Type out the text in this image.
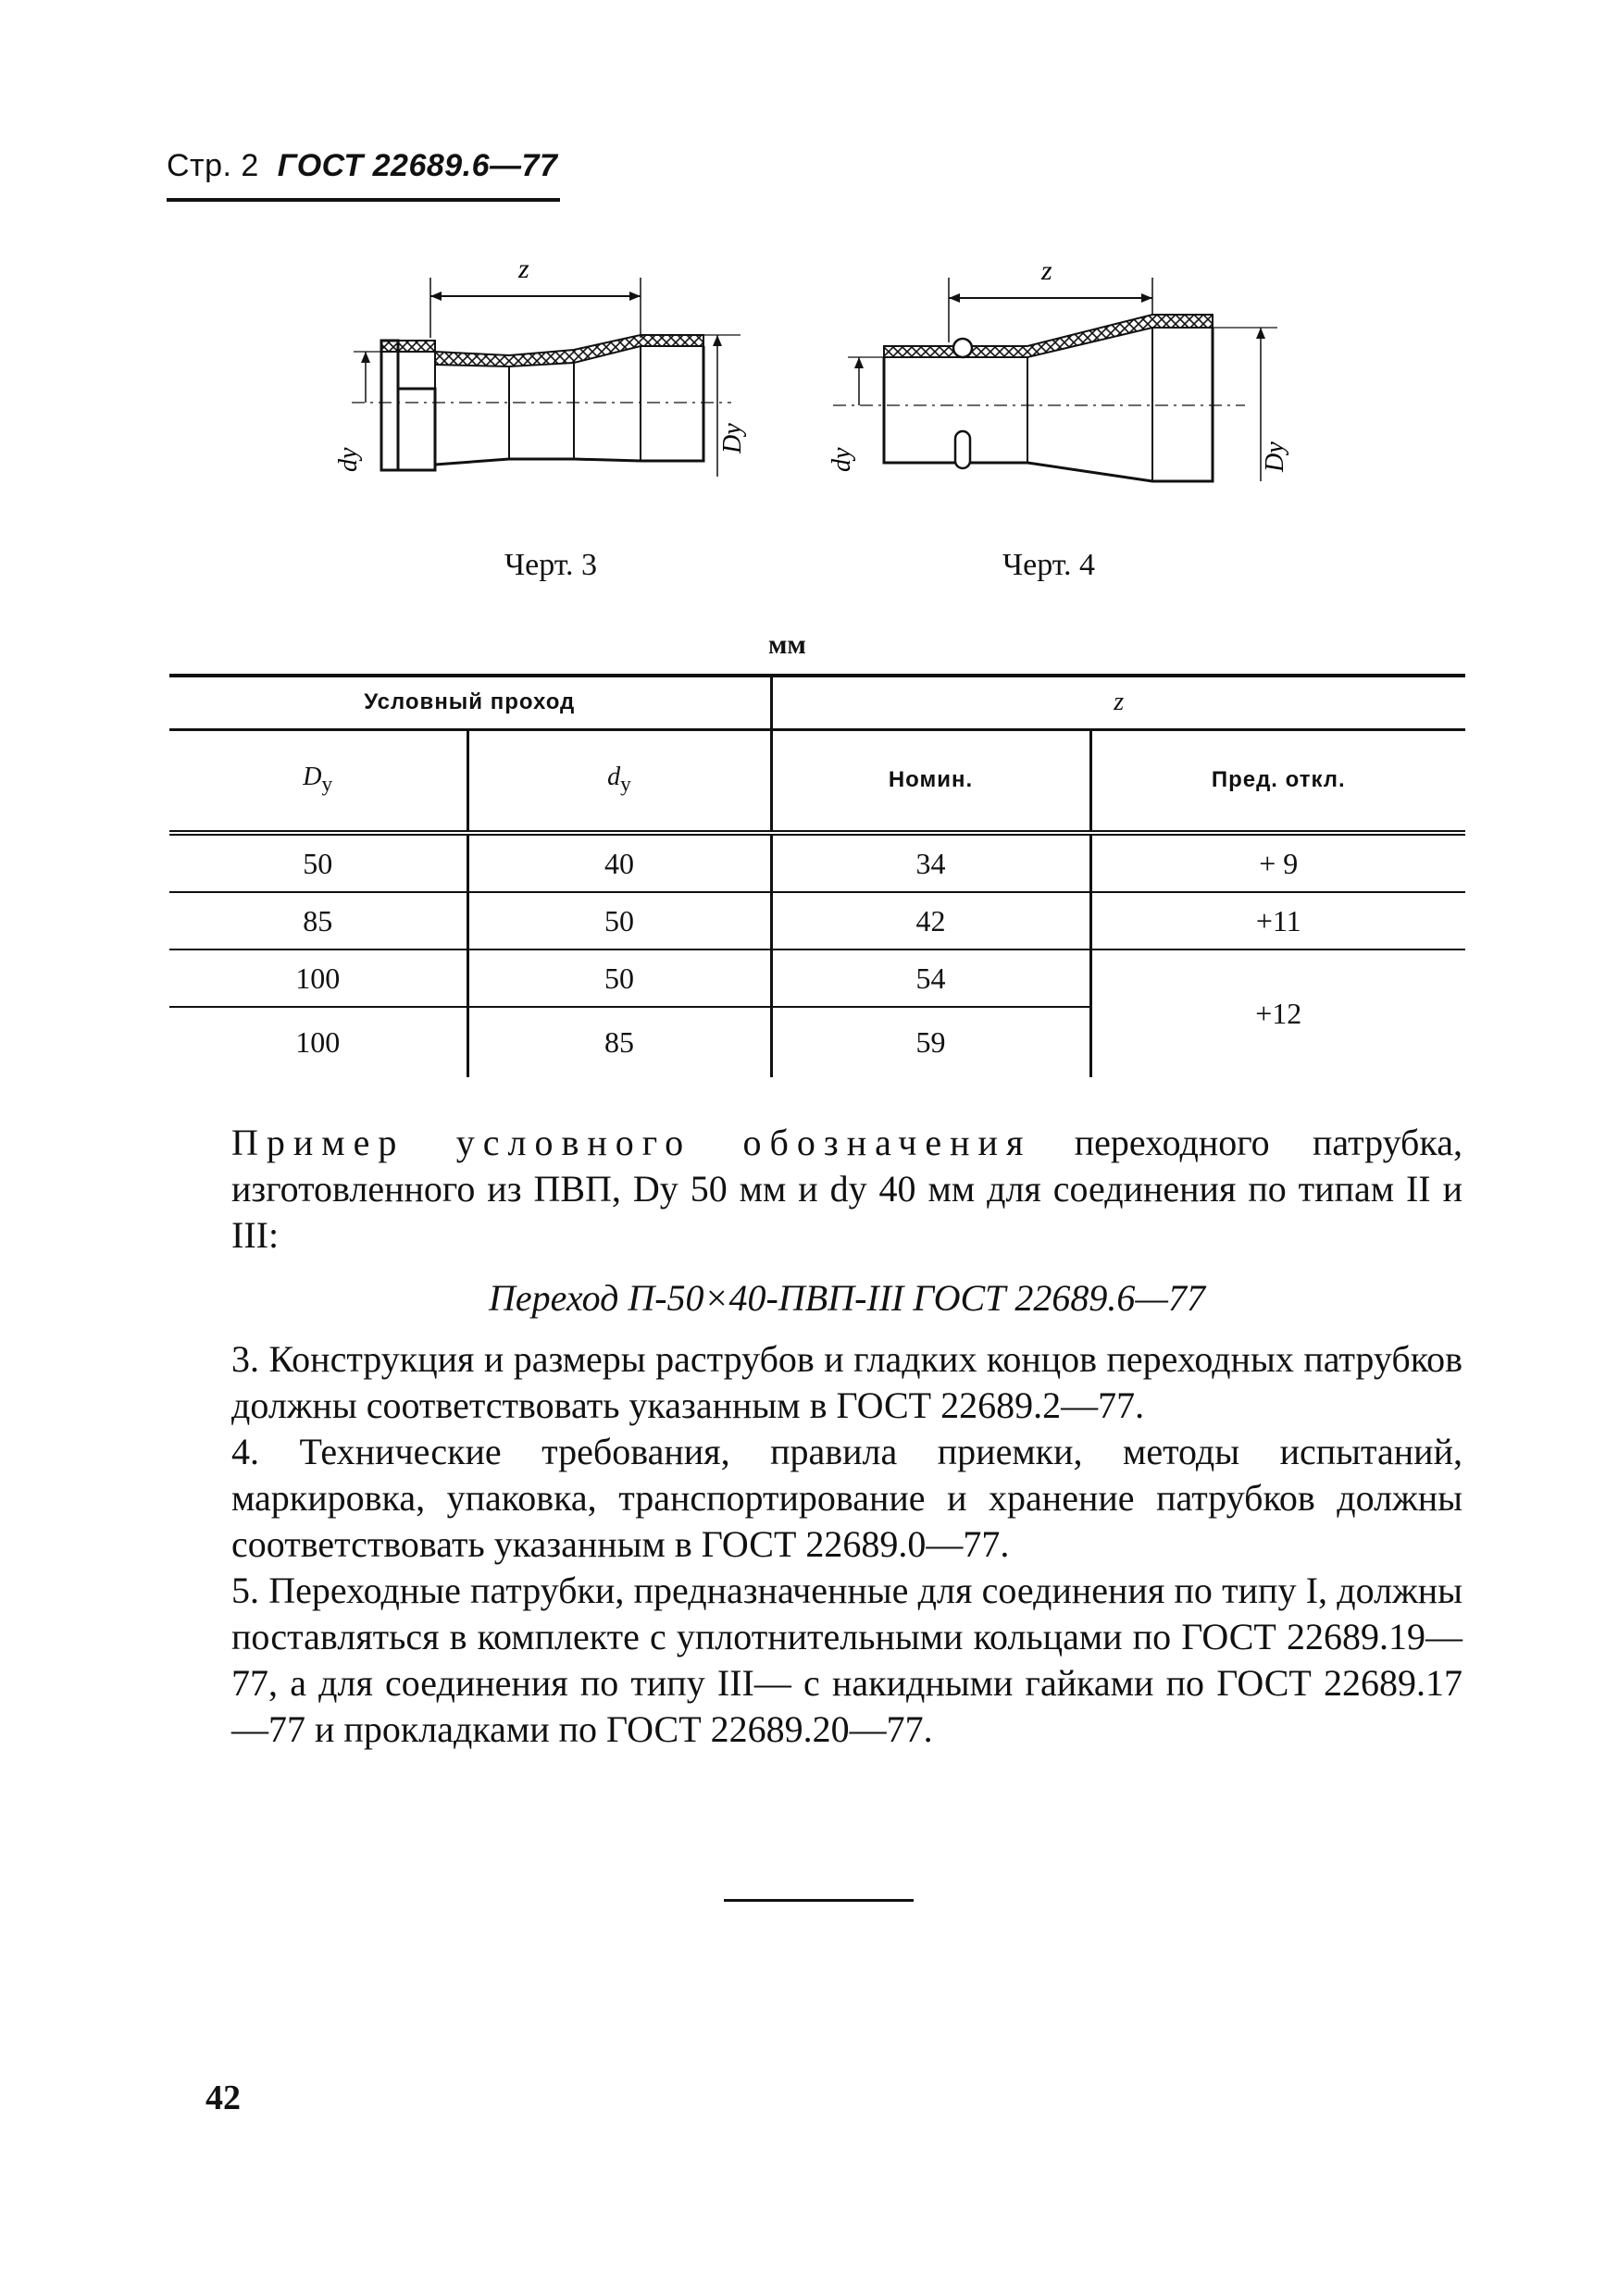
Стр. 2 ГОСТ 22689.6—77
z
dy
Dy
z
dy	Dy
Черт. 3	Черт. 4
мм
Условный проход		z	
$D_у$	$d_у$	Номин.	Пред. откл.
50	40	34	+ 9
85	50	42	+11
100	50	54	+12
100	85	59	

Пример условного обозначения переходного патрубка, изготовленного из ПВП, Dу 50 мм и dу 40 мм для соединения по типам II и III:

Переход П-50×40-ПВП-III ГОСТ 22689.6—77

3. Конструкция и размеры раструбов и гладких концов переходных патрубков должны соответствовать указанным в ГОСТ 22689.2—77.

4. Технические требования, правила приемки, методы испытаний, маркировка, упаковка, транспортирование и хранение патрубков должны соответствовать указанным в ГОСТ 22689.0—77.

5. Переходные патрубки, предназначенные для соединения по типу I, должны поставляться в комплекте с уплотнительными кольцами по ГОСТ 22689.19—77, а для соединения по типу III— с накидными гайками по ГОСТ 22689.17—77 и прокладками по ГОСТ 22689.20—77.

42
